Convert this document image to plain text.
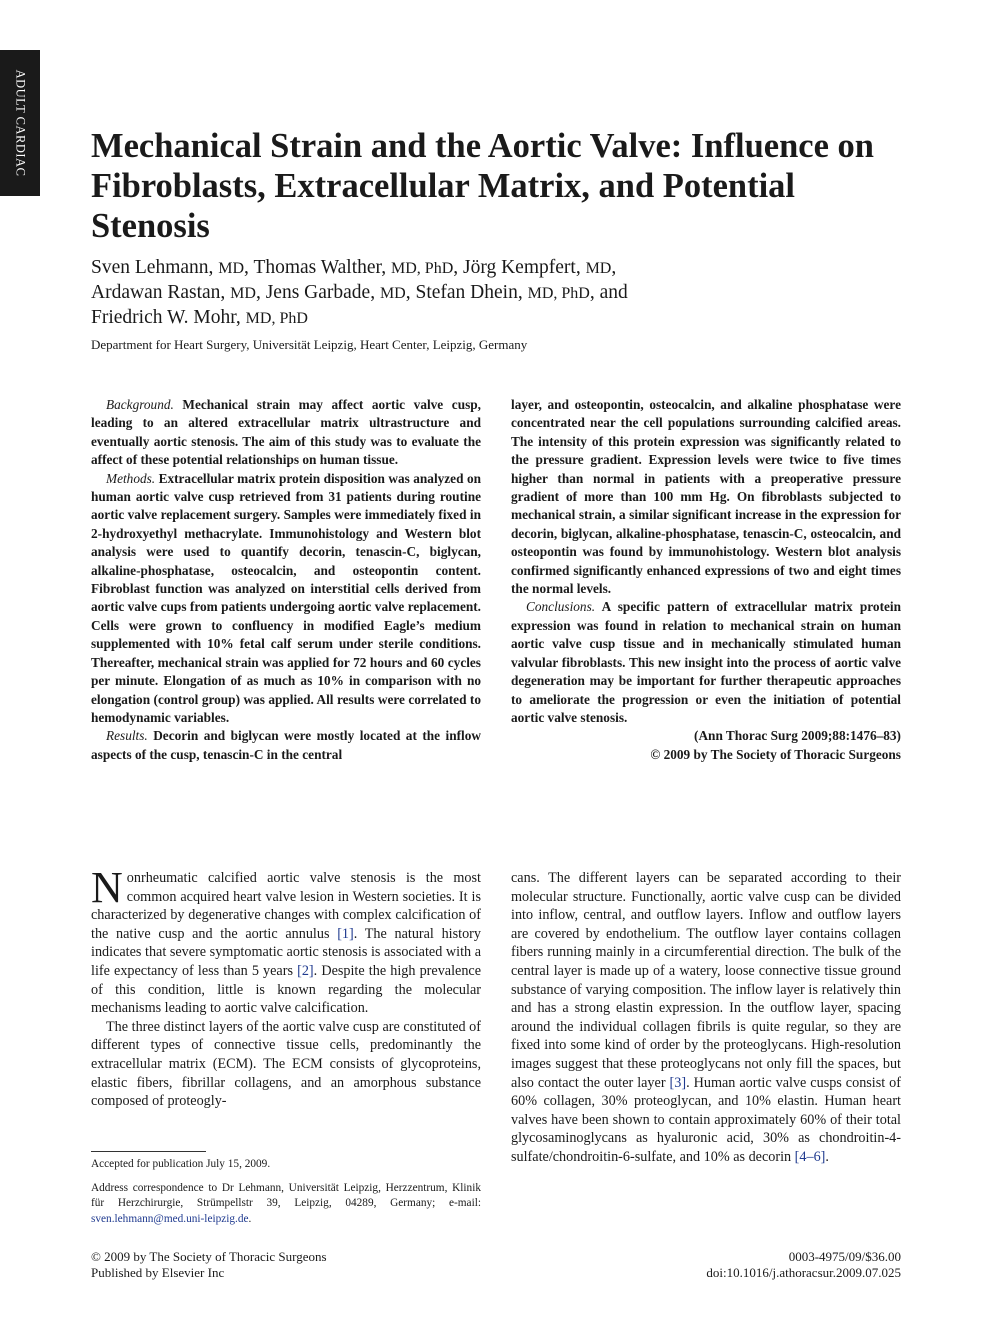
ADULT CARDIAC Mechanical Strain and the Aortic Valve: Influence on Fibroblasts, Extracellular Matrix, and Potential Stenosis
Sven Lehmann, MD, Thomas Walther, MD, PhD, Jörg Kempfert, MD,
Ardawan Rastan, MD, Jens Garbade, MD, Stefan Dhein, MD, PhD, and
Friedrich W. Mohr, MD, PhD
Department for Heart Surgery, Universität Leipzig, Heart Center, Leipzig, Germany

Background. Mechanical strain may affect aortic valve cusp, leading to an altered extracellular matrix ultrastructure and eventually aortic stenosis. The aim of this study was to evaluate the affect of these potential relationships on human tissue.

Methods. Extracellular matrix protein disposition was analyzed on human aortic valve cusp retrieved from 31 patients during routine aortic valve replacement surgery. Samples were immediately fixed in 2-hydroxyethyl methacrylate. Immunohistology and Western blot analysis were used to quantify decorin, tenascin-C, biglycan, alkaline-phosphatase, osteocalcin, and osteopontin content. Fibroblast function was analyzed on interstitial cells derived from aortic valve cups from patients undergoing aortic valve replacement. Cells were grown to confluency in modified Eagle’s medium supplemented with 10% fetal calf serum under sterile conditions. Thereafter, mechanical strain was applied for 72 hours and 60 cycles per minute. Elongation of as much as 10% in comparison with no elongation (control group) was applied. All results were correlated to hemodynamic variables.

Results. Decorin and biglycan were mostly located at the inflow aspects of the cusp, tenascin-C in the central

layer, and osteopontin, osteocalcin, and alkaline phosphatase were concentrated near the cell populations surrounding calcified areas. The intensity of this protein expression was significantly related to the pressure gradient. Expression levels were twice to five times higher than normal in patients with a preoperative pressure gradient of more than 100 mm Hg. On fibroblasts subjected to mechanical strain, a similar significant increase in the expression for decorin, biglycan, alkaline-phosphatase, tenascin-C, osteocalcin, and osteopontin was found by immunohistology. Western blot analysis confirmed significantly enhanced expressions of two and eight times the normal levels.

Conclusions. A specific pattern of extracellular matrix protein expression was found in relation to mechanical strain on human aortic valve cusp tissue and in mechanically stimulated human valvular fibroblasts. This new insight into the process of aortic valve degeneration may be important for further therapeutic approaches to ameliorate the progression or even the initiation of potential aortic valve stenosis.

(Ann Thorac Surg 2009;88:1476–83)

© 2009 by The Society of Thoracic Surgeons

Nonrheumatic calcified aortic valve stenosis is the most common acquired heart valve lesion in Western societies. It is characterized by degenerative changes with complex calcification of the native cusp and the aortic annulus [1]. The natural history indicates that severe symptomatic aortic stenosis is associated with a life expectancy of less than 5 years [2]. Despite the high prevalence of this condition, little is known regarding the molecular mechanisms leading to aortic valve calcification.

The three distinct layers of the aortic valve cusp are constituted of different types of connective tissue cells, predominantly the extracellular matrix (ECM). The ECM consists of glycoproteins, elastic fibers, fibrillar collagens, and an amorphous substance composed of proteogly-

cans. The different layers can be separated according to their molecular structure. Functionally, aortic valve cusp can be divided into inflow, central, and outflow layers. Inflow and outflow layers are covered by endothelium. The outflow layer contains collagen fibers running mainly in a circumferential direction. The bulk of the central layer is made up of a watery, loose connective tissue ground substance of varying composition. The inflow layer is relatively thin and has a strong elastin expression. In the outflow layer, spacing around the individual collagen fibrils is quite regular, so they are fixed into some kind of order by the proteoglycans. High-resolution images suggest that these proteoglycans not only fill the spaces, but also contact the outer layer [3]. Human aortic valve cusps consist of 60% collagen, 30% proteoglycan, and 10% elastin. Human heart valves have been shown to contain approximately 60% of their total glycosaminoglycans as hyaluronic acid, 30% as chondroitin-4-sulfate/chondroitin-6-sulfate, and 10% as decorin [4–6].

Accepted for publication July 15, 2009.

Address correspondence to Dr Lehmann, Universität Leipzig, Herzzentrum, Klinik für Herzchirurgie, Strümpellstr 39, Leipzig, 04289, Germany; e-mail: sven.lehmann@med.uni-leipzig.de.

© 2009 by The Society of Thoracic Surgeons
Published by Elsevier Inc
0003-4975/09/$36.00
doi:10.1016/j.athoracsur.2009.07.025
